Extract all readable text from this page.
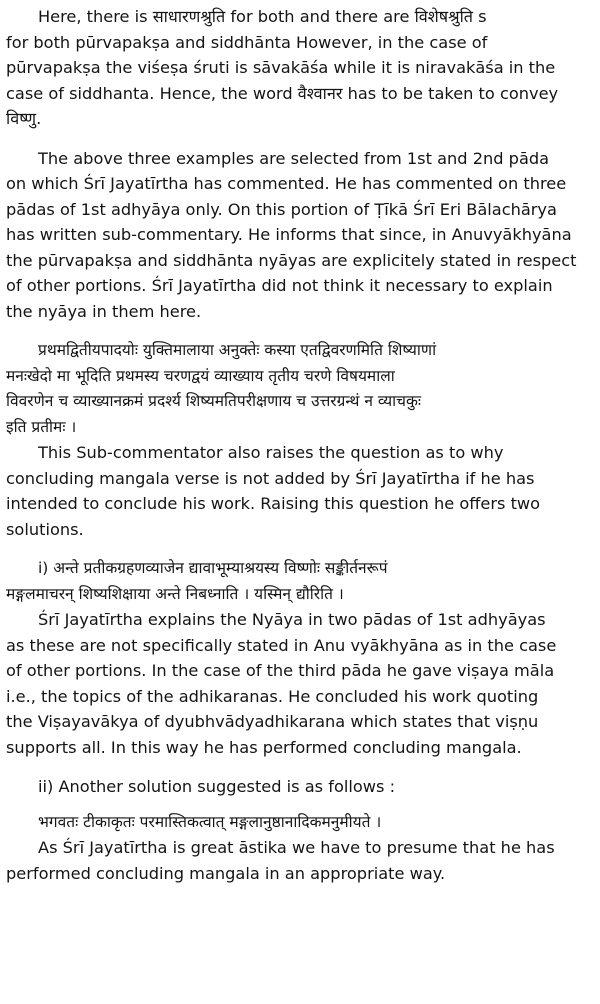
Here, there is साधारणश्रुति for both and there are विशेषश्रुति s
for both pūrvapakṣa and siddhānta However, in the case of
pūrvapakṣa the viśeṣa śruti is sāvakāśa while it is niravakāśa in the
case of siddhanta. Hence, the word वैश्वानर has to be taken to convey
विष्णु.
The above three examples are selected from 1st and 2nd pāda
on which Śrī Jayatīrtha has commented. He has commented on three
pādas of 1st adhyāya only. On this portion of Ṭīkā Śrī Eri Bālachārya
has written sub-commentary. He informs that since, in Anuvyākhyāna
the pūrvapakṣa and siddhānta nyāyas are explicitely stated in respect
of other portions. Śrī Jayatīrtha did not think it necessary to explain
the nyāya in them here.
प्रथमद्वितीयपादयोः युक्तिमालाया अनुक्तेः कस्या एतद्विवरणमिति शिष्याणां
मनःखेदो मा भूदिति प्रथमस्य चरणद्वयं व्याख्याय तृतीय चरणे विषयमाला
विवरणेन च व्याख्यानक्रमं प्रदर्श्य शिष्यमतिपरीक्षणाय च उत्तरग्रन्थं न व्याचकुः
इति प्रतीमः ।
This Sub-commentator also raises the question as to why
concluding mangala verse is not added by Śrī Jayatīrtha if he has
intended to conclude his work. Raising this question he offers two
solutions.
i) अन्ते प्रतीकग्रहणव्याजेन द्यावाभूम्याश्रयस्य विष्णोः सङ्कीर्तनरूपं
मङ्गलमाचरन् शिष्यशिक्षाया अन्ते निबध्नाति । यस्मिन् द्यौरिति ।
Śrī Jayatīrtha explains the Nyāya in two pādas of 1st adhyāyas
as these are not specifically stated in Anu vyākhyāna as in the case
of other portions. In the case of the third pāda he gave viṣaya māla
i.e., the topics of the adhikaranas. He concluded his work quoting
the Viṣayavākya of dyubhvādyadhikarana which states that viṣṇu
supports all. In this way he has performed concluding mangala.
ii) Another solution suggested is as follows :
भगवतः टीकाकृतः परमास्तिकत्वात् मङ्गलानुष्ठानादिकमनुमीयते ।
As Śrī Jayatīrtha is great āstika we have to presume that he has
performed concluding mangala in an appropriate way.
